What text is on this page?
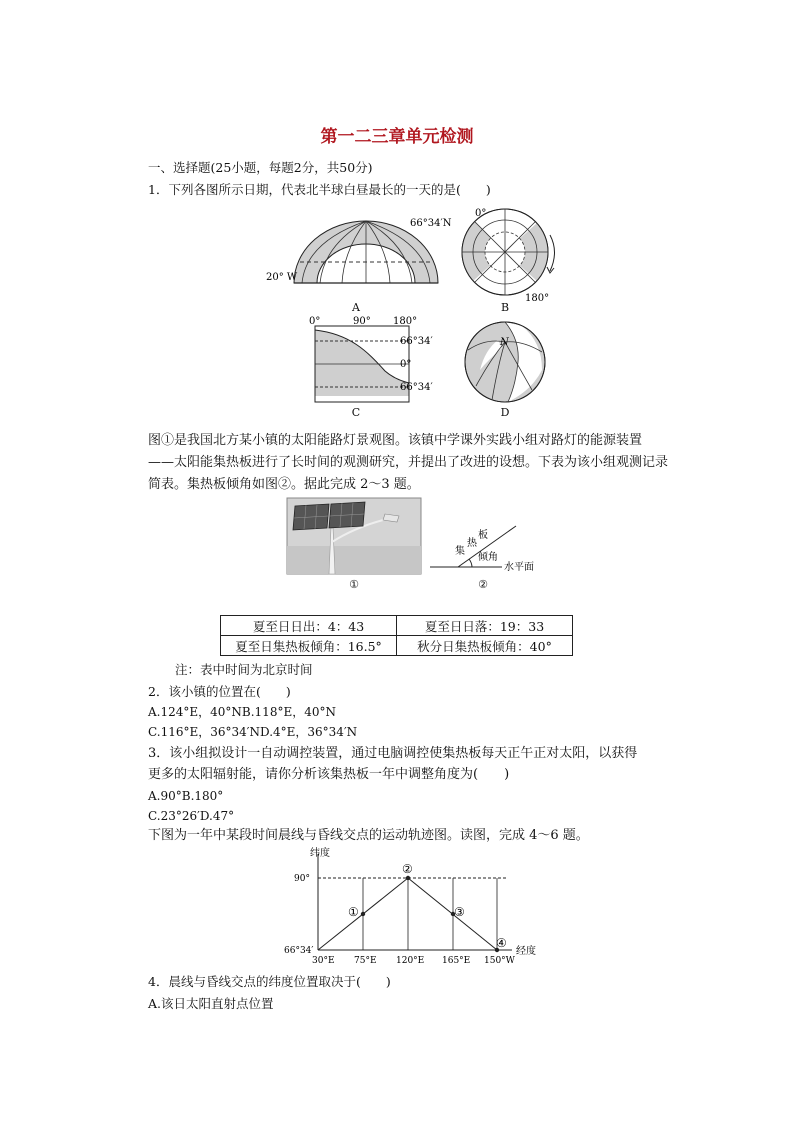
第一二三章单元检测
一、选择题(25小题，每题2分，共50分)
1．下列各图所示日期，代表北半球白昼最长的一天的是(　　)
66°34′N
20° W
A
0°
180°
B
0°	90° 180°
66°34′
0°
66°34′
C
N
D
图①是我国北方某小镇的太阳能路灯景观图。该镇中学课外实践小组对路灯的能源装置
——太阳能集热板进行了长时间的观测研究，并提出了改进的设想。下表为该小组观测记录
简表。集热板倾角如图②。据此完成 2～3 题。
①
板
热
集
倾角
水平面
②
夏至日日出：4：43	夏至日日落：19：33
夏至日集热板倾角：16.5°	秋分日集热板倾角：40°
注：表中时间为北京时间
2．该小镇的位置在(　　)
A.124°E，40°NB.118°E，40°N
C.116°E，36°34′ND.4°E，36°34′N
3．该小组拟设计一自动调控装置，通过电脑调控使集热板每天正午正对太阳，以获得
更多的太阳辐射能，请你分析该集热板一年中调整角度为(　　)
A.90°B.180°
C.23°26′D.47°
下图为一年中某段时间晨线与昏线交点的运动轨迹图。读图，完成 4～6 题。
纬度
经度
90°
66°34′
30°E 75°E 120°E 165°E 150°W
①
②
③
④
4．晨线与昏线交点的纬度位置取决于(　　)
A.该日太阳直射点位置
